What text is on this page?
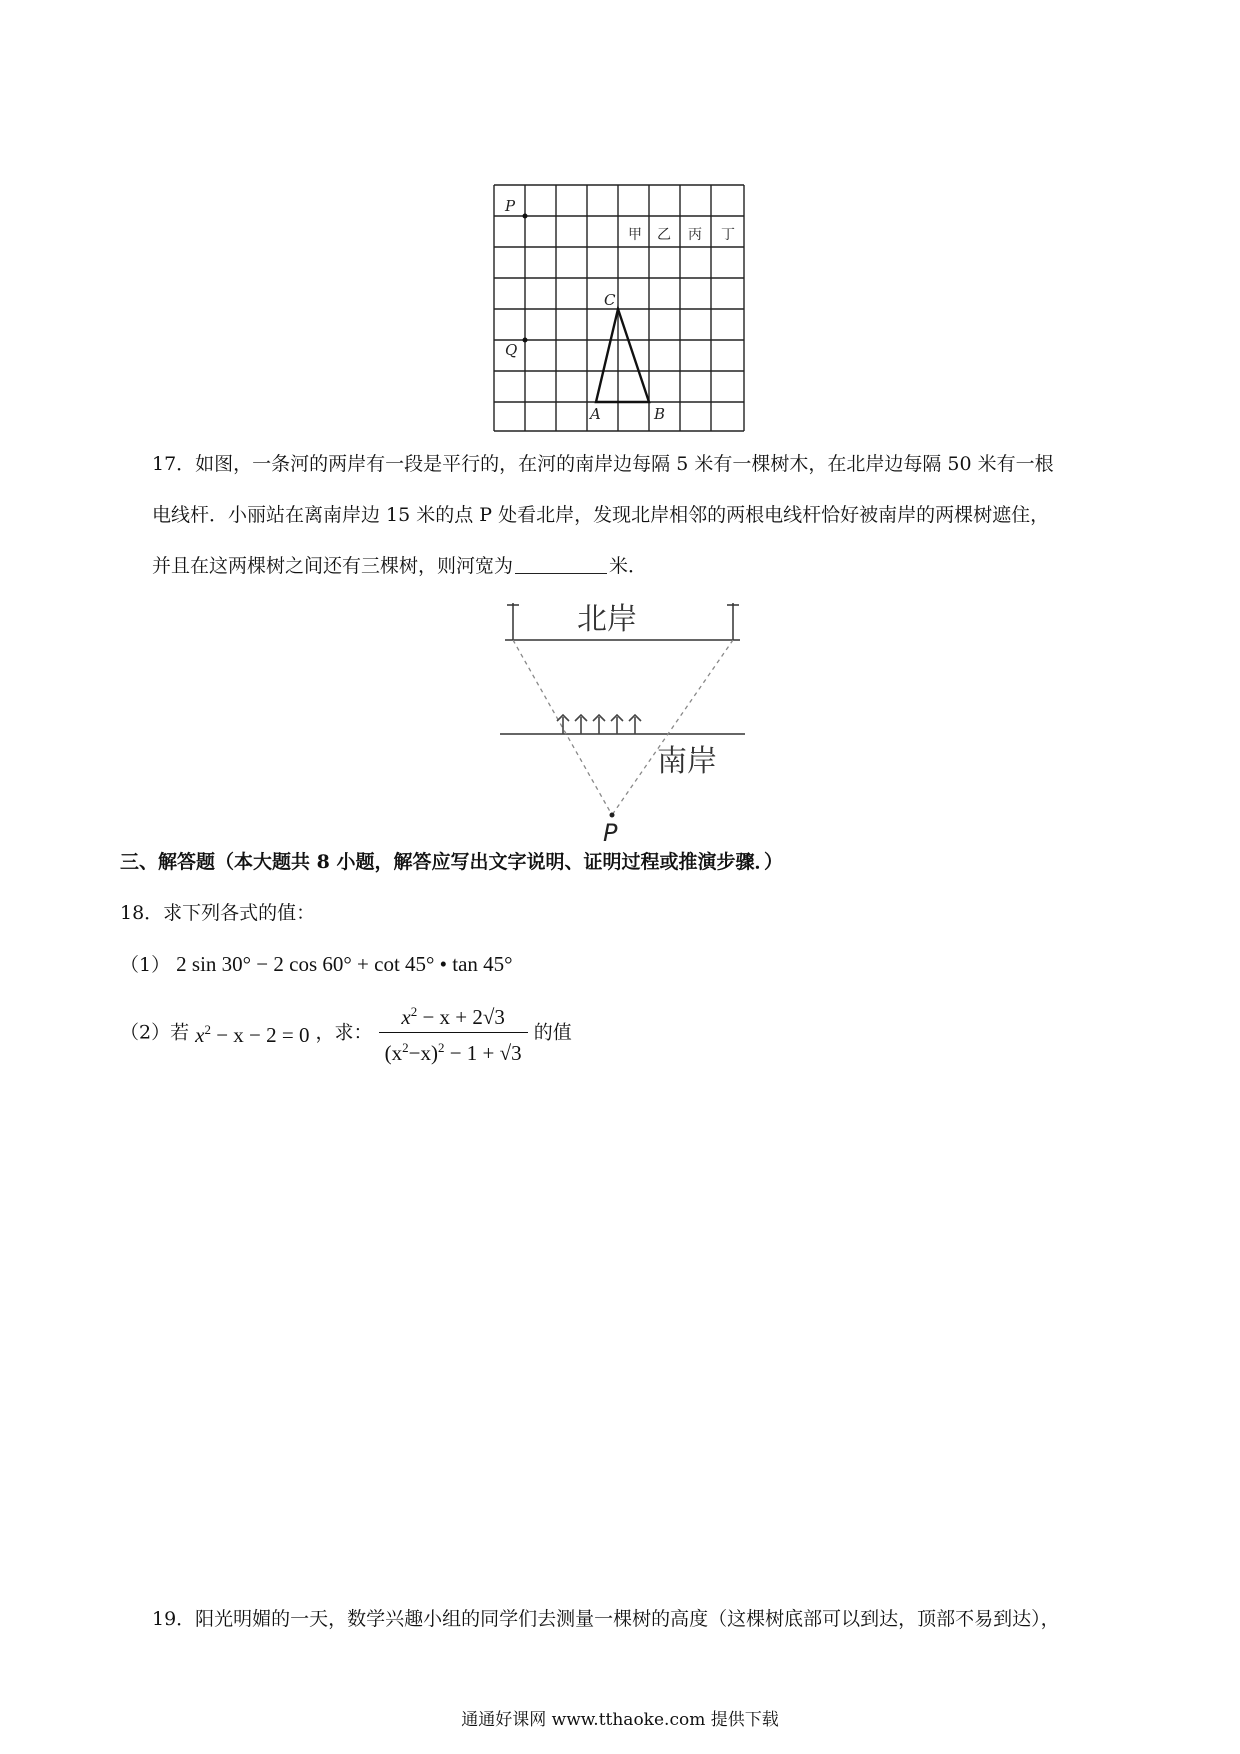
P
Q
C
A	B
甲 乙 丙 丁
17．如图，一条河的两岸有一段是平行的，在河的南岸边每隔 5 米有一棵树木，在北岸边每隔 50 米有一根
电线杆．小丽站在离南岸边 15 米的点 P 处看北岸，发现北岸相邻的两根电线杆恰好被南岸的两棵树遮住，
并且在这两棵树之间还有三棵树，则河宽为	米．
北岸
南岸
P
三、解答题（本大题共 8 小题，解答应写出文字说明、证明过程或推演步骤．）
18．求下列各式的值：
（1） 2 sin 30° − 2 cos 60° + cot 45° • tan 45°
（2）若 $x^2 - x - 2 = 0$ ，求： $\frac{x^2 - x + 2√3}{(x^2-x)^2 - 1 + √3}$ 的值
19．阳光明媚的一天，数学兴趣小组的同学们去测量一棵树的高度（这棵树底部可以到达，顶部不易到达），
通通好课网 www.tthaoke.com 提供下载
